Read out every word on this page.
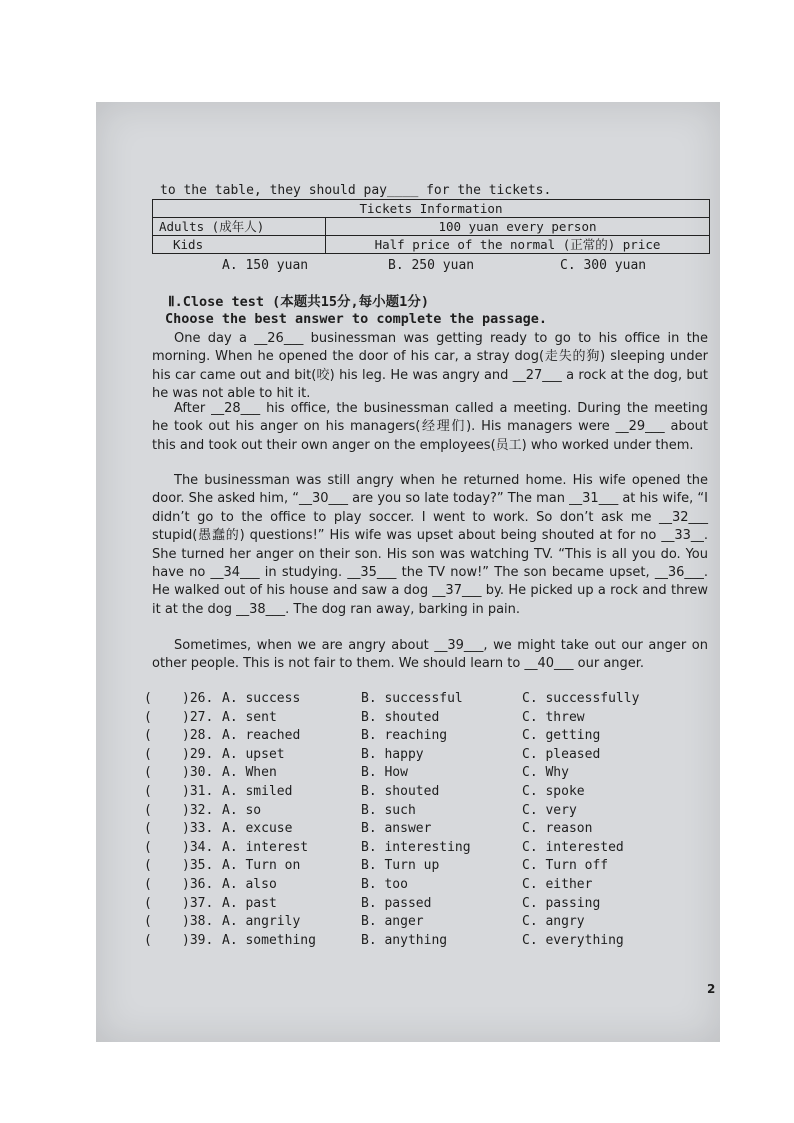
to the table, they should pay____ for the tickets.
Tickets Information	
Adults (成年人)	100 yuan every person
Kids	Half price of the normal (正常的) price
A. 150 yuan	B. 250 yuan	C. 300 yuan
Ⅱ.Close test (本题共15分,每小题1分)
Choose the best answer to complete the passage.
One day a __26___ businessman was getting ready to go to his office in the morning. When he opened the door of his car, a stray dog(走失的狗) sleeping under his car came out and bit(咬) his leg. He was angry and __27___ a rock at the dog, but he was not able to hit it.
After __28___ his office, the businessman called a meeting. During the meeting he took out his anger on his managers(经理们). His managers were __29___ about this and took out their own anger on the employees(员工) who worked under them.
The businessman was still angry when he returned home. His wife opened the door. She asked him, “__30___ are you so late today?” The man __31___ at his wife, “I didn’t go to the office to play soccer. I went to work. So don’t ask me __32___ stupid(愚蠢的) questions!” His wife was upset about being shouted at for no __33__. She turned her anger on their son. His son was watching TV. “This is all you do. You have no __34___ in studying. __35___ the TV now!” The son became upset, __36___. He walked out of his house and saw a dog __37___ by. He picked up a rock and threw it at the dog __38___. The dog ran away, barking in pain.
Sometimes, when we are angry about __39___, we might take out our anger on other people. This is not fair to them. We should learn to __40___ our anger.
( )26. A. success	B. successful	C. successfully
( )27. A. sent	B. shouted	C. threw
( )28. A. reached	B. reaching	C. getting
( )29. A. upset	B. happy	C. pleased
( )30. A. When	B. How	C. Why
( )31. A. smiled	B. shouted	C. spoke
( )32. A. so	B. such	C. very
( )33. A. excuse	B. answer	C. reason
( )34. A. interest	B. interesting	C. interested
( )35. A. Turn on	B. Turn up	C. Turn off
( )36. A. also	B. too	C. either
( )37. A. past	B. passed	C. passing
( )38. A. angrily	B. anger	C. angry
( )39. A. something	B. anything	C. everything
2
